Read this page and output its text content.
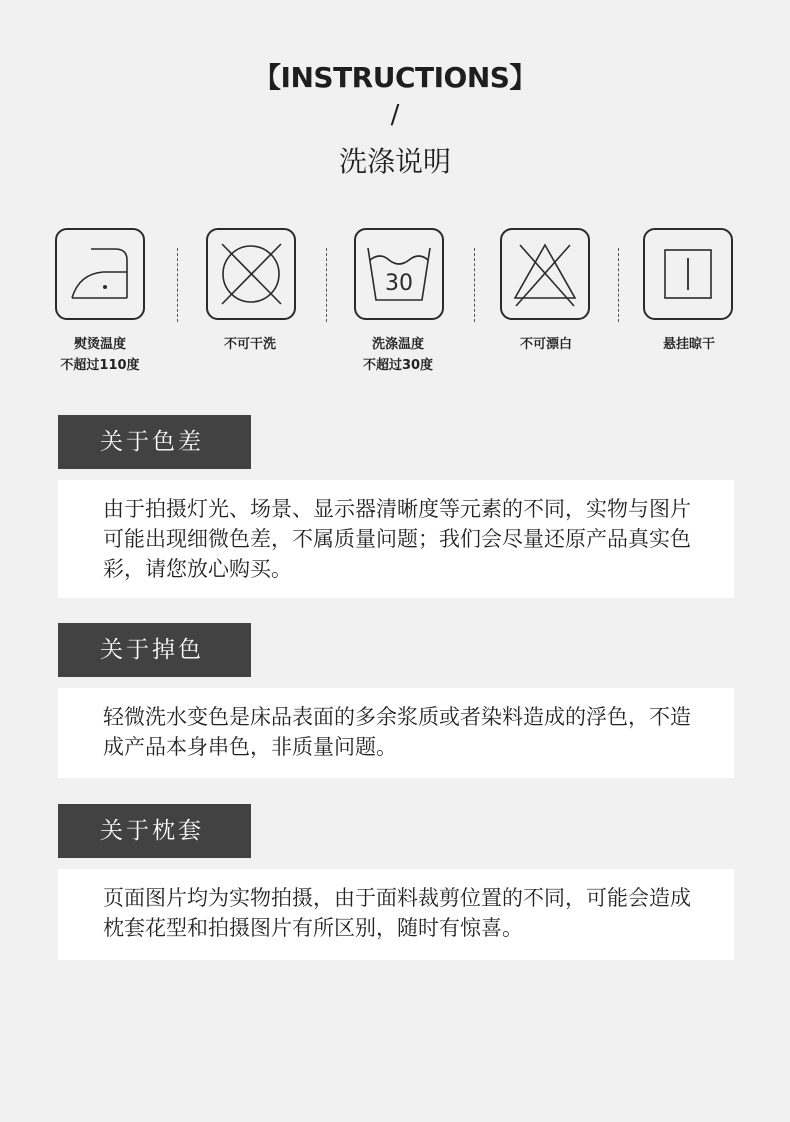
【INSTRUCTIONS】
/
洗涤说明
30
熨烫温度
不超过110度
不可干洗	洗涤温度
不超过30度
不可漂白	悬挂晾干
关于色差
由于拍摄灯光、场景、显示器清晰度等元素的不同，实物与图片可能出现细微色差，不属质量问题；我们会尽量还原产品真实色彩，请您放心购买。
关于掉色
轻微洗水变色是床品表面的多余浆质或者染料造成的浮色，不造成产品本身串色，非质量问题。
关于枕套
页面图片均为实物拍摄，由于面料裁剪位置的不同，可能会造成枕套花型和拍摄图片有所区别，随时有惊喜。
